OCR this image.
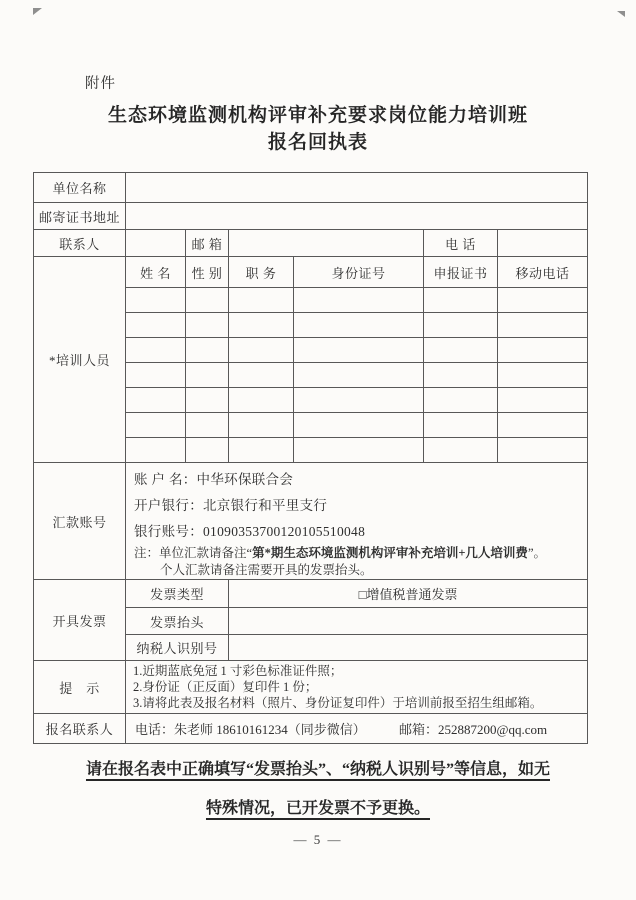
附件
生态环境监测机构评审补充要求岗位能力培训班
报名回执表
单位名称						
邮寄证书地址						
联系人		邮 箱			电 话	
*培训人员	姓 名	性 别	职 务	身份证号	申报证书	移动电话

汇款账号	账 户 名：中华环保联合会
开户银行：北京银行和平里支行
银行账号：01090353700120105510048
注：单位汇款请备注“第*期生态环境监测机构评审补充培训+几人培训费”。
个人汇款请备注需要开具的发票抬头。					

开具发票	发票类型		□增值税普通发票			
	发票抬头					
	纳税人识别号					
提　示	1.近期蓝底免冠 1 寸彩色标准证件照；
2.身份证（正反面）复印件 1 份；
3.请将此表及报名材料（照片、身份证复印件）于培训前报至招生组邮箱。					

报名联系人	电话：朱老师 18610161234（同步微信） 邮箱：252887200@qq.com					
请在报名表中正确填写“发票抬头”、“纳税人识别号”等信息，如无
特殊情况，已开发票不予更换。
— 5 —
